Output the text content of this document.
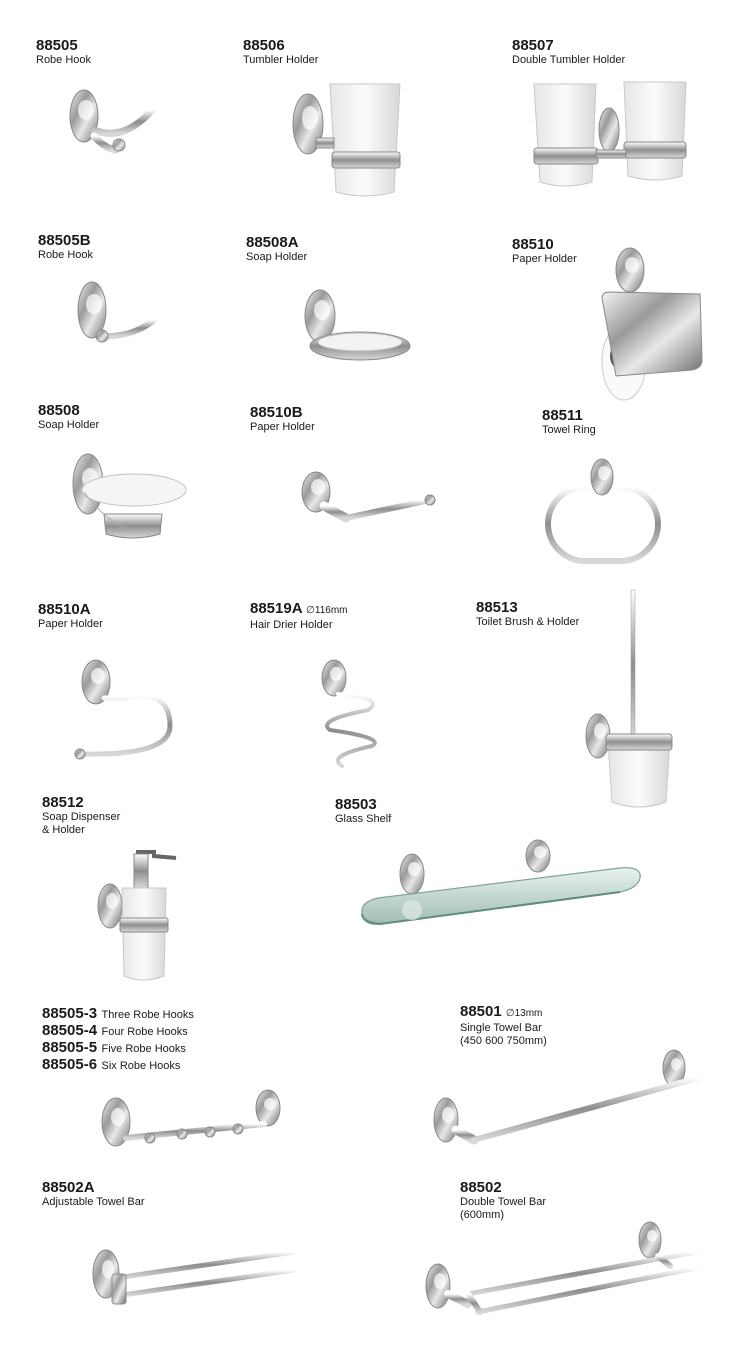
88505
Robe Hook
88506
Tumbler Holder
88507
Double Tumbler Holder
88505B
Robe Hook
88508A
Soap Holder
88510
Paper Holder
88508
Soap Holder
88510B
Paper Holder
88511
Towel Ring
88510A
Paper Holder
88519A ∅116mm
Hair Drier Holder
88513
Toilet Brush & Holder
88512
Soap Dispenser
& Holder
88503
Glass Shelf
88505-3 Three Robe Hooks
88505-4 Four Robe Hooks
88505-5 Five Robe Hooks
88505-6 Six Robe Hooks
88501 ∅13mm
Single Towel Bar
(450 600 750mm)
88502A
Adjustable Towel Bar
88502
Double Towel Bar
(600mm)
